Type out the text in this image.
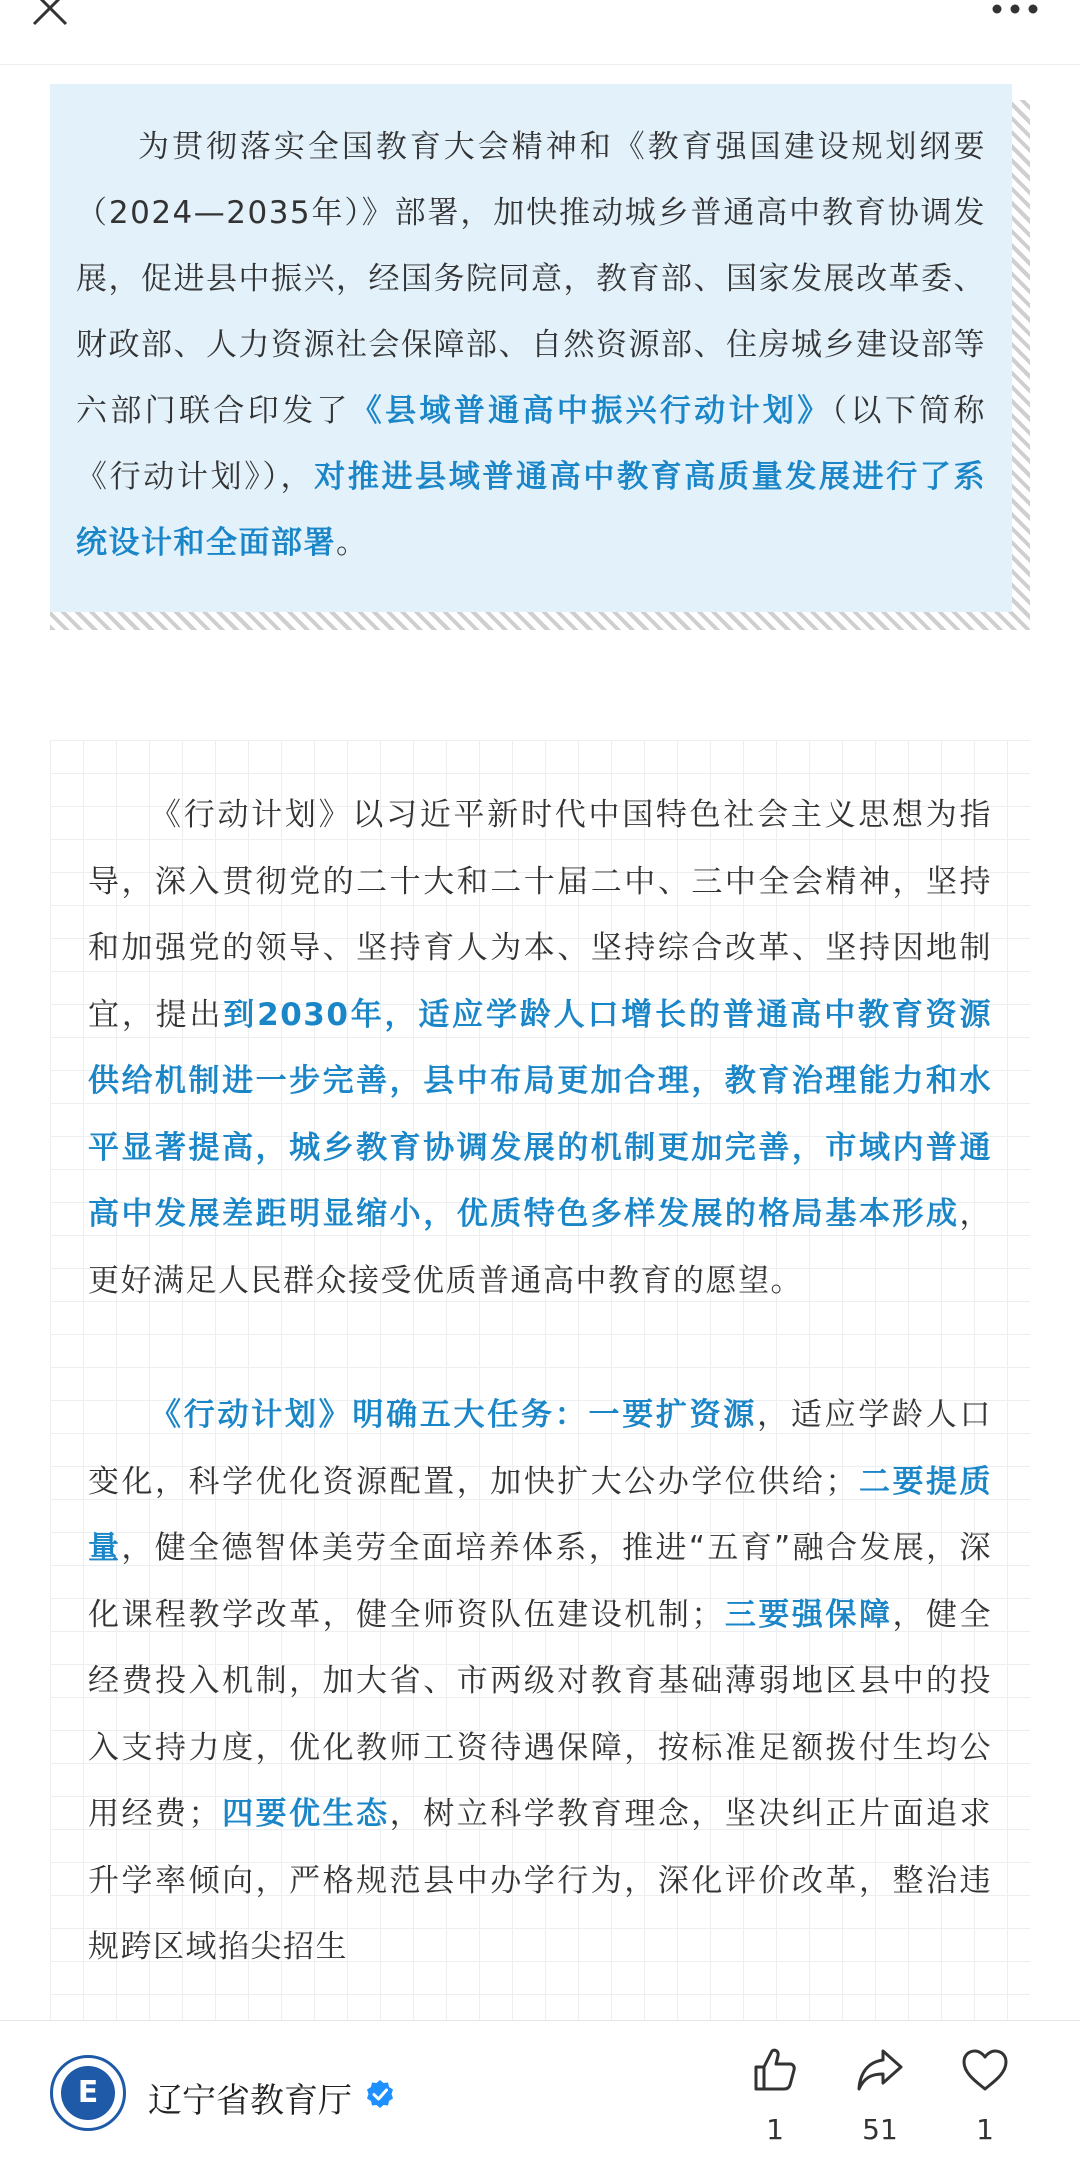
为贯彻落实全国教育大会精神和《教育强国建设规划纲要（2024—2035年）》部署，加快推动城乡普通高中教育协调发展，促进县中振兴，经国务院同意，教育部、国家发展改革委、财政部、人力资源社会保障部、自然资源部、住房城乡建设部等六部门联合印发了《县域普通高中振兴行动计划》（以下简称《行动计划》），对推进县域普通高中教育高质量发展进行了系统设计和全面部署。

《行动计划》以习近平新时代中国特色社会主义思想为指导，深入贯彻党的二十大和二十届二中、三中全会精神，坚持和加强党的领导、坚持育人为本、坚持综合改革、坚持因地制宜，提出到2030年，适应学龄人口增长的普通高中教育资源供给机制进一步完善，县中布局更加合理，教育治理能力和水平显著提高，城乡教育协调发展的机制更加完善，市域内普通高中发展差距明显缩小，优质特色多样发展的格局基本形成，更好满足人民群众接受优质普通高中教育的愿望。

《行动计划》明确五大任务：一要扩资源，适应学龄人口变化，科学优化资源配置，加快扩大公办学位供给；二要提质量，健全德智体美劳全面培养体系，推进“五育”融合发展，深化课程教学改革，健全师资队伍建设机制；三要强保障，健全经费投入机制，加大省、市两级对教育基础薄弱地区县中的投入支持力度，优化教师工资待遇保障，按标准足额拨付生均公用经费；四要优生态，树立科学教育理念，坚决纠正片面追求升学率倾向，严格规范县中办学行为，深化评价改革，整治违规跨区域掐尖招生

E	辽宁省教育厅
1	51	1
